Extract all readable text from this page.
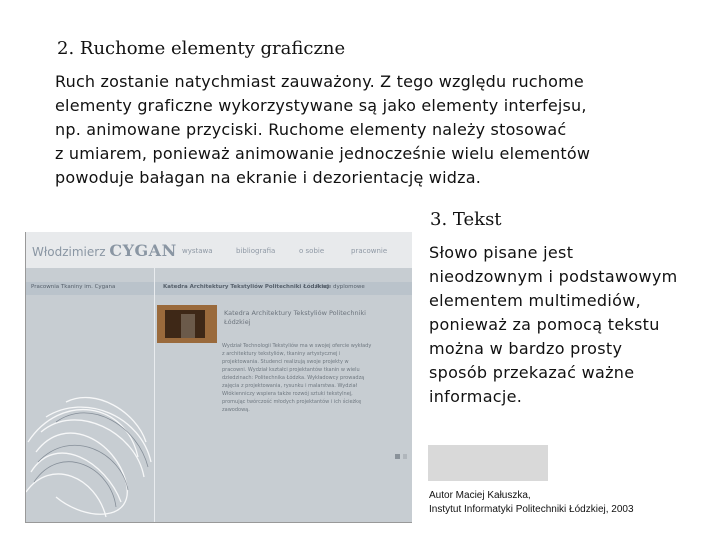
2. Ruchome elementy graficzne
Ruch zostanie natychmiast zauważony. Z tego względu ruchome
elementy graficzne wykorzystywane są jako elementy interfejsu,
np. animowane przyciski. Ruchome elementy należy stosować
z umiarem, ponieważ animowanie jednocześnie wielu elementów
powoduje bałagan na ekranie i dezorientację widza.
Włodzimierz CYGAN wystawa	bibliografia	o sobie	pracownie
Pracownia Tkaniny im. Cygana	Katedra Architektury Tekstyliów Politechniki Łódzkiej
Prace dyplomowe
Katedra Architektury Tekstyliów Politechniki
Łódzkiej
Wydział Technologii Tekstyliów ma w swojej ofercie wykłady z architektury tekstyliów, tkaniny artystycznej i projektowania. Studenci realizują swoje projekty w pracowni. Wydział kształci projektantów tkanin w wielu dziedzinach: Politechnika Łódzka. Wykładowcy prowadzą zajęcia z projektowania, rysunku i malarstwa. Wydział Włókienniczy wspiera także rozwój sztuki tekstylnej, promując twórczość młodych projektantów i ich ścieżkę zawodową.
3. Tekst
Słowo pisane jest
nieodzownym i podstawowym
elementem multimediów,
ponieważ za pomocą tekstu
można w bardzo prosty
sposób przekazać ważne
informacje.
Autor Maciej Kałuszka,
Instytut Informatyki Politechniki Łódzkiej, 2003
